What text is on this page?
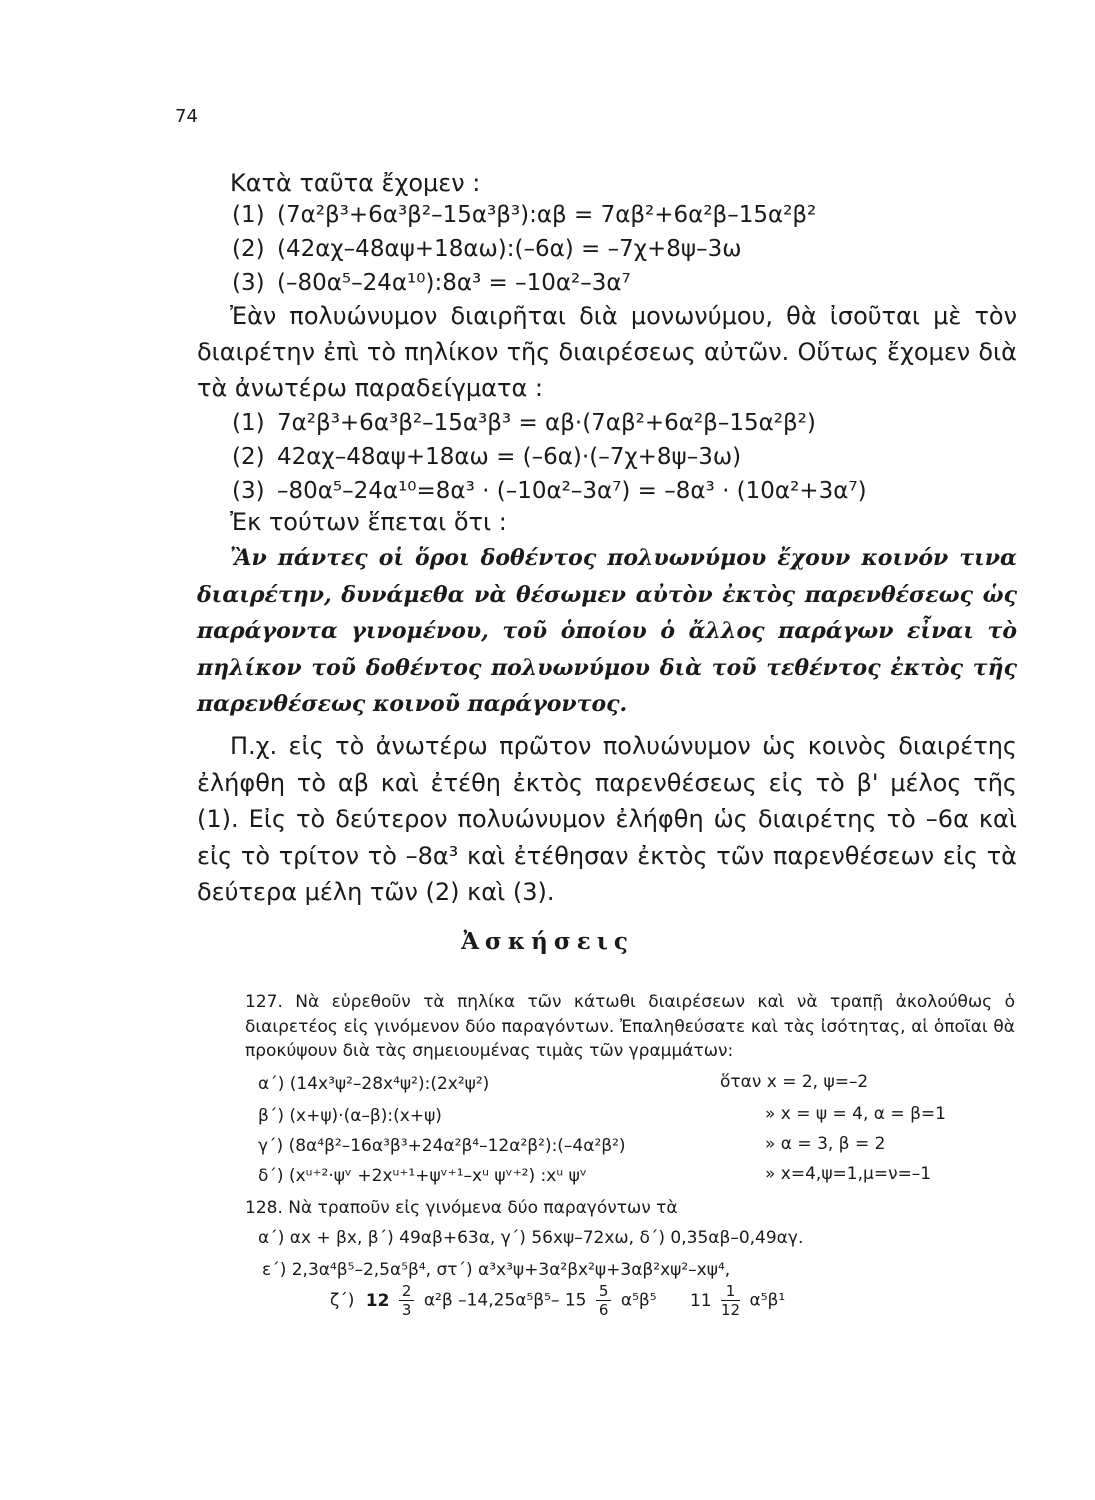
74
Κατὰ ταῦτα ἔχομεν :
(1) (7α²β³+6α³β²–15α³β³):αβ = 7αβ²+6α²β–15α²β²
(2) (42αχ–48αψ+18αω):(–6α) = –7χ+8ψ–3ω
(3) (–80α⁵–24α¹⁰):8α³ = –10α²–3α⁷
Ἐὰν πολυώνυμον διαιρῆται διὰ μονωνύμου, θὰ ἰσοῦται μὲ τὸν διαιρέτην ἐπὶ τὸ πηλίκον τῆς διαιρέσεως αὐτῶν. Οὕτως ἔχομεν διὰ τὰ ἀνωτέρω παραδείγματα :
(1) 7α²β³+6α³β²–15α³β³ = αβ·(7αβ²+6α²β–15α²β²)
(2) 42αχ–48αψ+18αω = (–6α)·(–7χ+8ψ–3ω)
(3) –80α⁵–24α¹⁰=8α³ · (–10α²–3α⁷) = –8α³ · (10α²+3α⁷)
Ἐκ τούτων ἕπεται ὅτι :
Ἂν πάντες οἱ ὅροι δοθέντος πολυωνύμου ἔχουν κοινόν τινα διαιρέτην, δυνάμεθα νὰ θέσωμεν αὐτὸν ἐκτὸς παρενθέσεως ὡς παράγοντα γινομένου, τοῦ ὁποίου ὁ ἄλλος παράγων εἶναι τὸ πηλίκον τοῦ δοθέντος πολυωνύμου διὰ τοῦ τεθέντος ἐκτὸς τῆς παρενθέσεως κοινοῦ παράγοντος.
Π.χ. εἰς τὸ ἀνωτέρω πρῶτον πολυώνυμον ὡς κοινὸς διαιρέτης ἐλήφθη τὸ αβ καὶ ἐτέθη ἐκτὸς παρενθέσεως εἰς τὸ β' μέλος τῆς (1). Εἰς τὸ δεύτερον πολυώνυμον ἐλήφθη ὡς διαιρέτης τὸ –6α καὶ εἰς τὸ τρίτον τὸ –8α³ καὶ ἐτέθησαν ἐκτὸς τῶν παρενθέσεων εἰς τὰ δεύτερα μέλη τῶν (2) καὶ (3).
Ἀσκήσεις
127. Νὰ εὑρεθοῦν τὰ πηλίκα τῶν κάτωθι διαιρέσεων καὶ νὰ τραπῇ ἀκολούθως ὁ διαιρετέος εἰς γινόμενον δύο παραγόντων. Ἐπαληθεύσατε καὶ τὰς ἰσότητας, αἱ ὁποῖαι θὰ προκύψουν διὰ τὰς σημειουμένας τιμὰς τῶν γραμμάτων:
α΄) (14x³ψ²–28x⁴ψ²):(2x²ψ²)	ὅταν x = 2, ψ=–2
β΄) (x+ψ)·(α–β):(x+ψ)	» x = ψ = 4, α = β=1
γ΄) (8α⁴β²–16α³β³+24α²β⁴–12α²β²):(–4α²β²)	» α = 3, β = 2
δ΄) (xᵘ⁺²·ψᵛ +2xᵘ⁺¹+ψᵛ⁺¹–xᵘ ψᵛ⁺²) :xᵘ ψᵛ	» x=4,ψ=1,μ=ν=–1
128. Νὰ τραποῦν εἰς γινόμενα δύο παραγόντων τὰ
α΄) αx + βx, β΄) 49αβ+63α, γ΄) 56xψ–72xω, δ΄) 0,35αβ–0,49αγ.
ε΄) 2,3α⁴β⁵–2,5α⁵β⁴, στ΄) α³x³ψ+3α²βx²ψ+3αβ²xψ²–xψ⁴,
ζ΄) $12 \frac{2}{3} \alpha^2\beta$ –14,25α⁵β⁵– $15 \frac{5}{6} \alpha^5\beta^5$ $11 \frac{1}{12} \alpha^5\beta^1$
